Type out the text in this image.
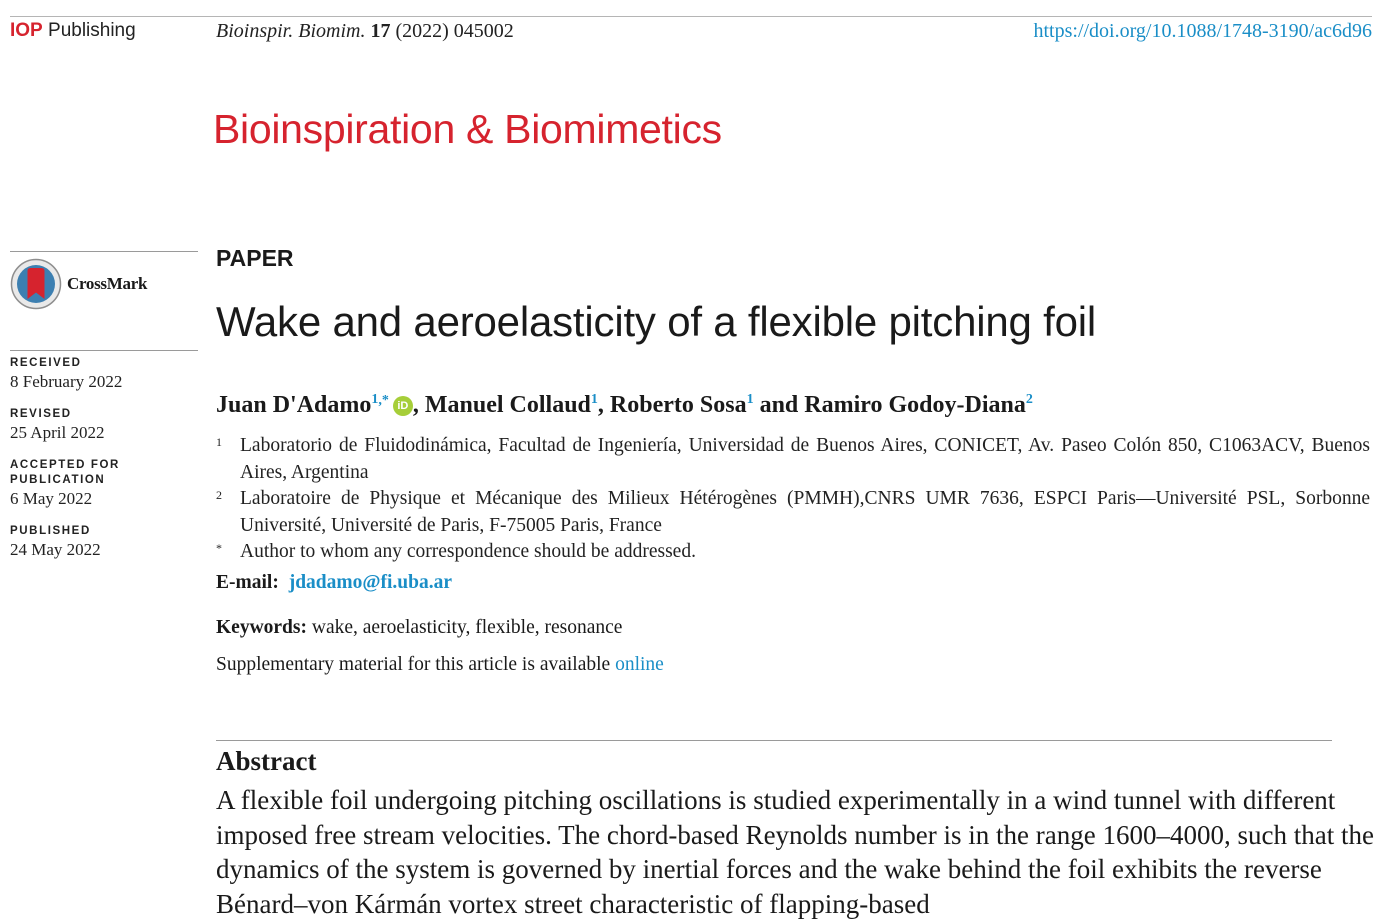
IOP Publishing	Bioinspir. Biomim. 17 (2022) 045002	https://doi.org/10.1088/1748-3190/ac6d96
Bioinspiration & Biomimetics
CrossMark
RECEIVED
8 February 2022
REVISED
25 April 2022
ACCEPTED FOR PUBLICATION
6 May 2022
PUBLISHED
24 May 2022
PAPER
Wake and aeroelasticity of a flexible pitching foil
Juan D'Adamo$^{1,*}$ iD , Manuel Collaud$^1$, Roberto Sosa$^1$ and Ramiro Godoy-Diana$^2$
1 Laboratorio de Fluidodinámica, Facultad de Ingeniería, Universidad de Buenos Aires, CONICET, Av. Paseo Colón 850, C1063ACV, Buenos Aires, Argentina
2 Laboratoire de Physique et Mécanique des Milieux Hétérogènes (PMMH),CNRS UMR 7636, ESPCI Paris—Université PSL, Sorbonne Université, Université de Paris, F-75005 Paris, France
* Author to whom any correspondence should be addressed.
E-mail: jdadamo@fi.uba.ar
Keywords: wake, aeroelasticity, flexible, resonance
Supplementary material for this article is available online
Abstract
A flexible foil undergoing pitching oscillations is studied experimentally in a wind tunnel with different imposed free stream velocities. The chord-based Reynolds number is in the range 1600–4000, such that the dynamics of the system is governed by inertial forces and the wake behind the foil exhibits the reverse Bénard–von Kármán vortex street characteristic of flapping-based
